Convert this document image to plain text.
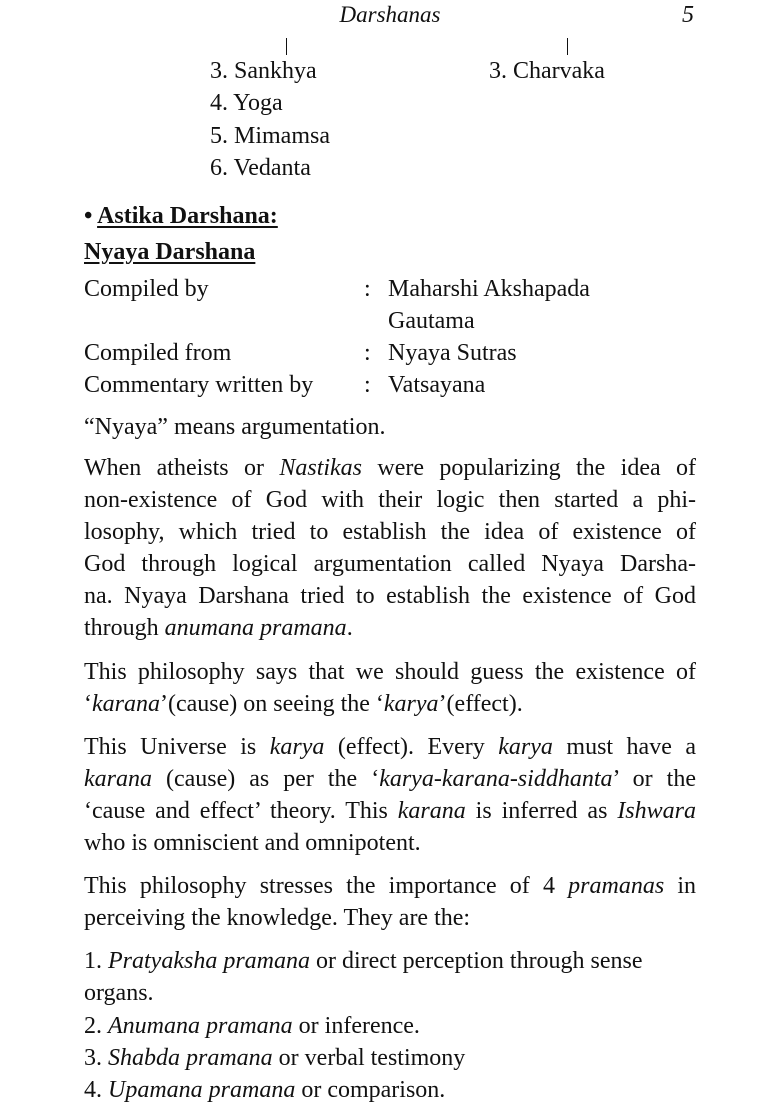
Darshanas	5
3. Sankhya
4. Yoga
5. Mimamsa
6. Vedanta
3. Charvaka
• Astika Darshana:
Nyaya Darshana
Compiled by	: Maharshi Akshapada
Gautama
Compiled from	: Nyaya Sutras
Commentary written by : Vatsayana

“Nyaya” means argumentation.

When atheists or Nastikas were popularizing the idea of
non-existence of God with their logic then started a phi-
losophy, which tried to establish the idea of existence of
God through logical argumentation called Nyaya Darsha-
na. Nyaya Darshana tried to establish the existence of God
through anumana pramana.

This philosophy says that we should guess the existence of
‘karana’(cause) on seeing the ‘karya’(effect).

This Universe is karya (effect). Every karya must have a
karana (cause) as per the ‘karya-karana-siddhanta’ or the
‘cause and effect’ theory. This karana is inferred as Ishwara
who is omniscient and omnipotent.

This philosophy stresses the importance of 4 pramanas in
perceiving the knowledge. They are the:

1. Pratyaksha pramana or direct perception through sense
organs.

2. Anumana pramana or inference.

3. Shabda pramana or verbal testimony

4. Upamana pramana or comparison.
